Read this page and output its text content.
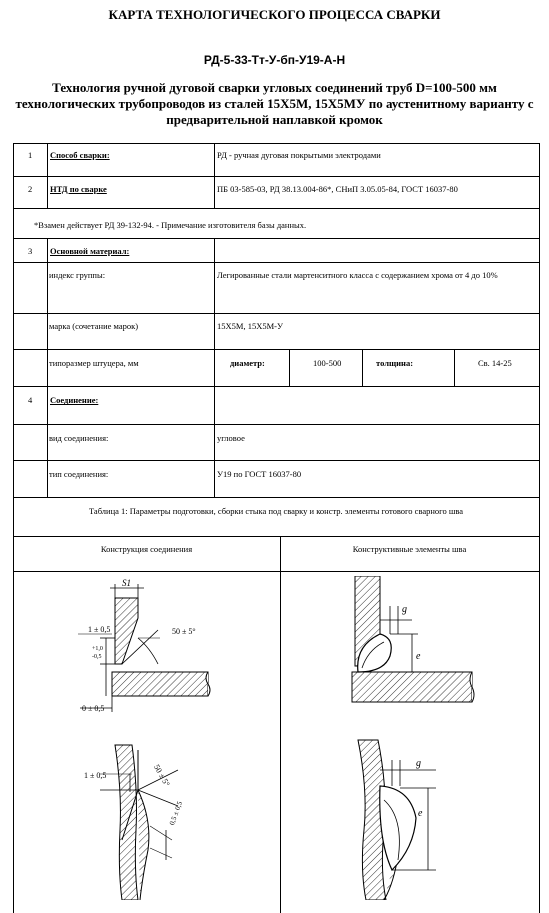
КАРТА ТЕХНОЛОГИЧЕСКОГО ПРОЦЕССА СВАРКИ
РД-5-33-Тт-У-бп-У19-А-Н
Технология ручной дуговой сварки угловых соединений труб D=100-500 мм технологических трубопроводов из сталей 15Х5М, 15Х5МУ по аустенитному варианту с предварительной наплавкой кромок
1 Способ сварки:	РД - ручная дуговая покрытыми электродами
2 НТД по сварке	ПБ 03-585-03, РД 38.13.004-86*, СНиП 3.05.05-84, ГОСТ 16037-80
*Взамен действует РД 39-132-94. - Примечание изготовителя базы данных.
3 Основной материал:
индекс группы:	Легированные стали мартенситного класса с содержанием хрома от 4 до 10%
марка (сочетание марок)	15Х5М, 15Х5М-У
типоразмер штуцера, мм	диаметр:	100-500	толщина:	Св. 14-25
4 Соединение:
вид соединения:	угловое
тип соединения:	У19 по ГОСТ 16037-80
Таблица 1: Параметры подготовки, сборки стыка под сварку и констр. элементы готового сварного шва
Конструкция соединения	Конструктивные элементы шва
S1
1 ± 0,5
+1,0
-0,5
50 ± 5°
0 ± 0,5
1 ± 0,5	50 ± 5°
0,5 ± 0,5
g
e
g
e
